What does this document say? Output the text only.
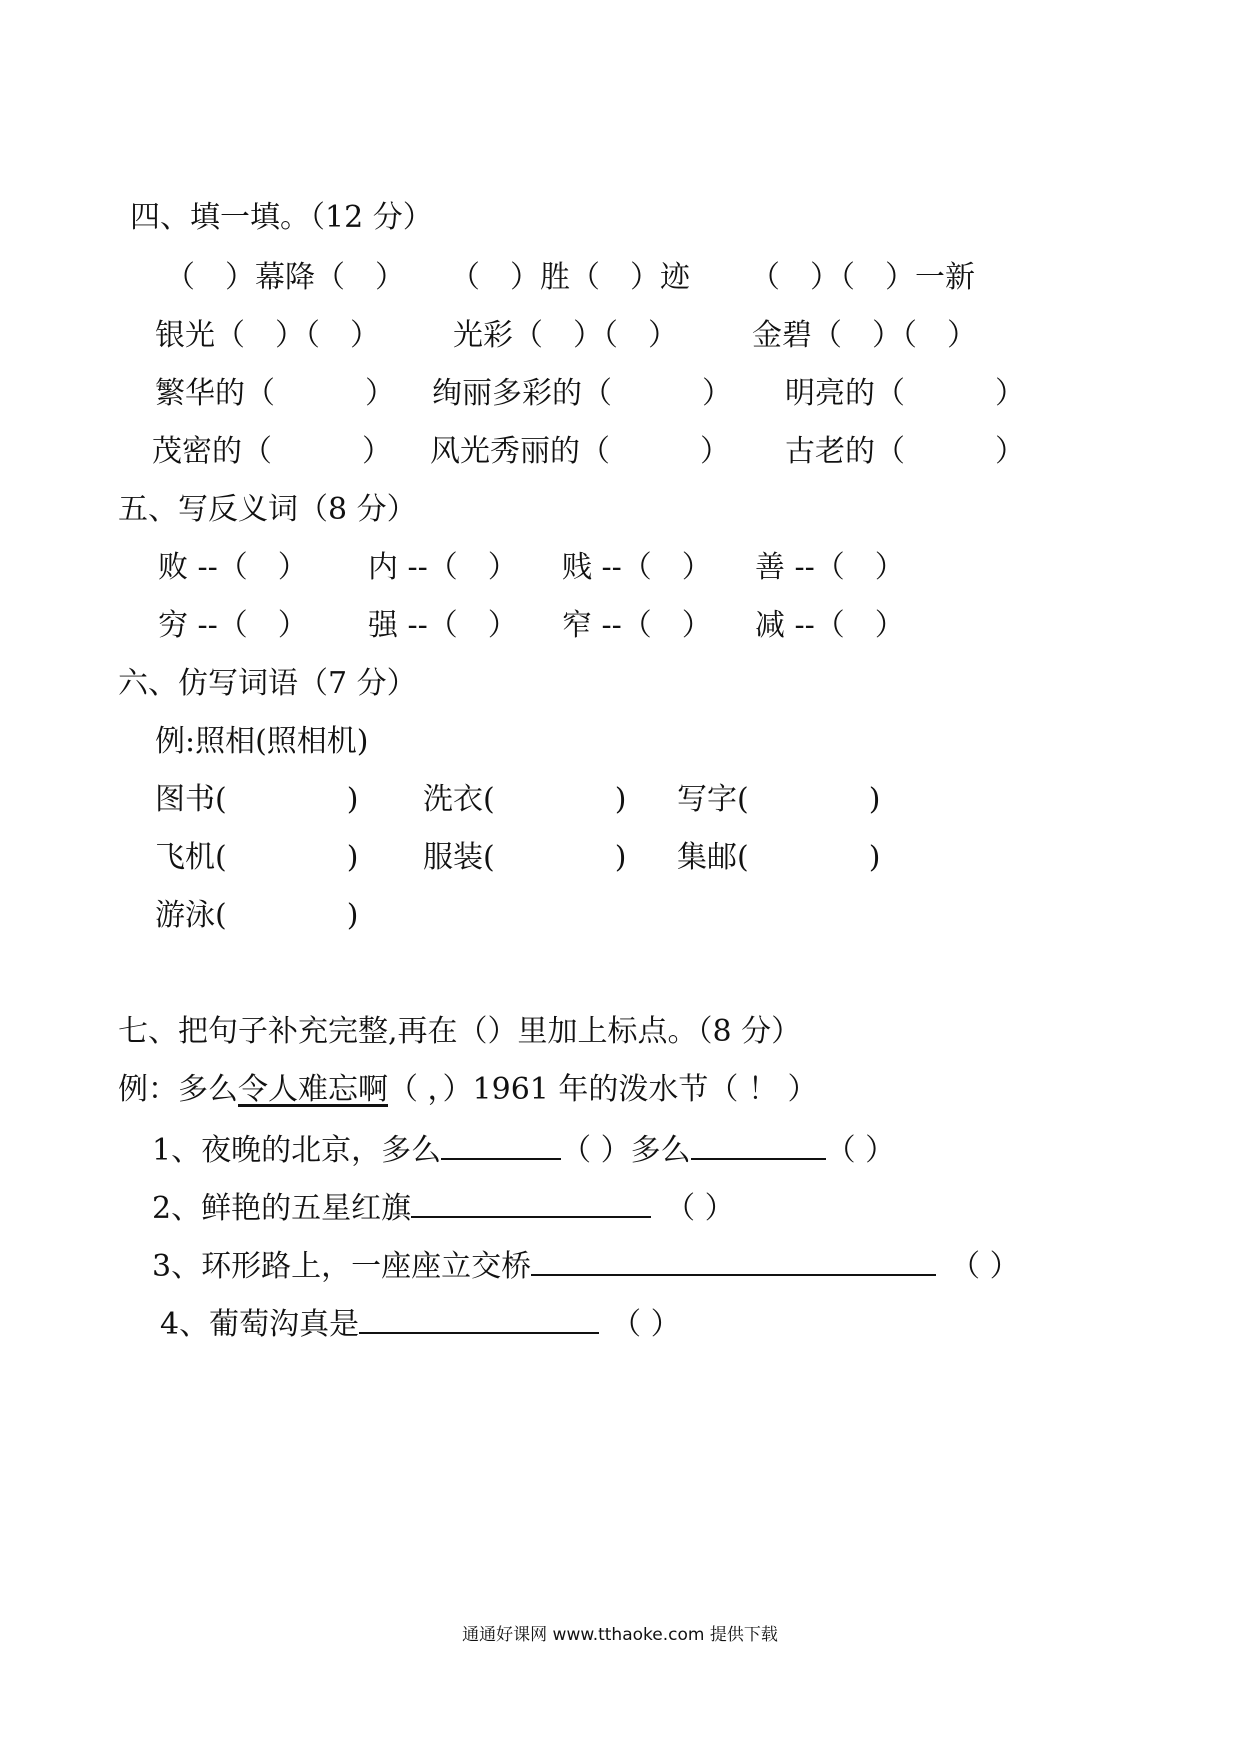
四、填一填。（12 分）
（　）幕降（　） （　）胜（　）迹 （　）（　）一新
银光（　）（　） 光彩（　）（　） 金碧（　）（　）
繁华的（　　　） 绚丽多彩的（　　　） 明亮的（　　　）
茂密的（　　　） 风光秀丽的（　　　） 古老的（　　　）
五、写反义词（8 分）
败 --（　） 内 --（　） 贱 --（　） 善 --（　）
穷 --（　） 强 --（　） 窄 --（　） 减 --（　）
六、仿写词语（7 分）
例:照相(照相机)
图书(　　　　) 洗衣(　　　　) 写字(　　　　)
飞机(　　　　) 服装(　　　　) 集邮(　　　　)
游泳(　　　　)
七、把句子补充完整,再在（）里加上标点。（8 分）
例：多么令人难忘啊（ ，）1961 年的泼水节（ ！ ）
1、夜晚的北京，多么	（ ）多么	（ ）
2、鲜艳的五星红旗	（ ）
3、环形路上，一座座立交桥	（ ）
4、葡萄沟真是	（ ）
通通好课网 www.tthaoke.com 提供下载
